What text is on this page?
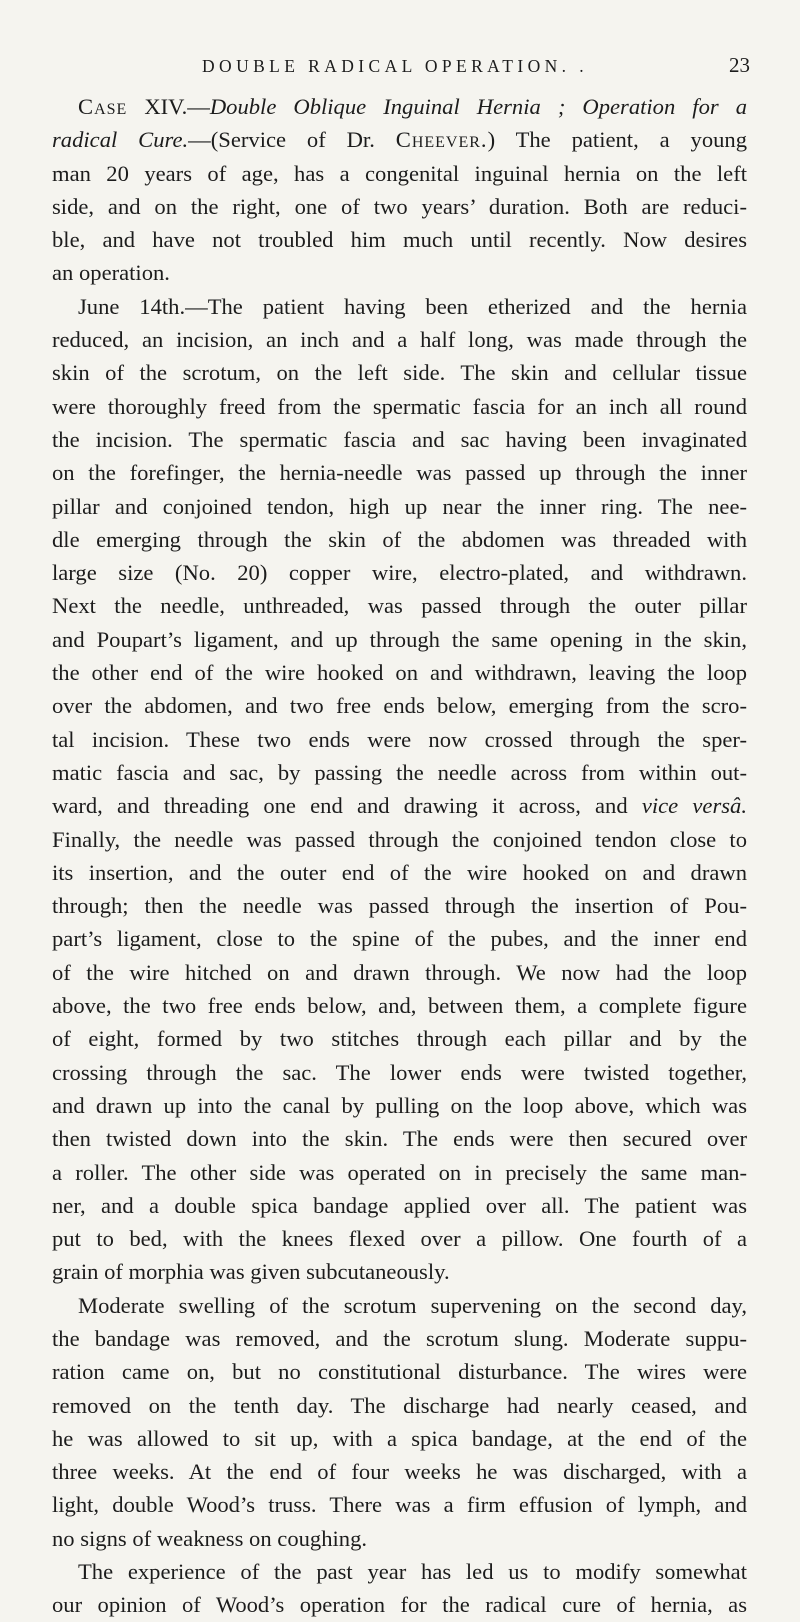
DOUBLE RADICAL OPERATION. .	23
Case XIV.—Double Oblique Inguinal Hernia ; Operation for a
radical Cure.—(Service of Dr. Cheever.) The patient, a young
man 20 years of age, has a congenital inguinal hernia on the left
side, and on the right, one of two years’ duration. Both are reduci-
ble, and have not troubled him much until recently. Now desires
an operation.
June 14th.—The patient having been etherized and the hernia
reduced, an incision, an inch and a half long, was made through the
skin of the scrotum, on the left side. The skin and cellular tissue
were thoroughly freed from the spermatic fascia for an inch all round
the incision. The spermatic fascia and sac having been invaginated
on the forefinger, the hernia-needle was passed up through the inner
pillar and conjoined tendon, high up near the inner ring. The nee-
dle emerging through the skin of the abdomen was threaded with
large size (No. 20) copper wire, electro-plated, and withdrawn.
Next the needle, unthreaded, was passed through the outer pillar
and Poupart’s ligament, and up through the same opening in the skin,
the other end of the wire hooked on and withdrawn, leaving the loop
over the abdomen, and two free ends below, emerging from the scro-
tal incision. These two ends were now crossed through the sper-
matic fascia and sac, by passing the needle across from within out-
ward, and threading one end and drawing it across, and vice versâ.
Finally, the needle was passed through the conjoined tendon close to
its insertion, and the outer end of the wire hooked on and drawn
through; then the needle was passed through the insertion of Pou-
part’s ligament, close to the spine of the pubes, and the inner end
of the wire hitched on and drawn through. We now had the loop
above, the two free ends below, and, between them, a complete figure
of eight, formed by two stitches through each pillar and by the
crossing through the sac. The lower ends were twisted together,
and drawn up into the canal by pulling on the loop above, which was
then twisted down into the skin. The ends were then secured over
a roller. The other side was operated on in precisely the same man-
ner, and a double spica bandage applied over all. The patient was
put to bed, with the knees flexed over a pillow. One fourth of a
grain of morphia was given subcutaneously.
Moderate swelling of the scrotum supervening on the second day,
the bandage was removed, and the scrotum slung. Moderate suppu-
ration came on, but no constitutional disturbance. The wires were
removed on the tenth day. The discharge had nearly ceased, and
he was allowed to sit up, with a spica bandage, at the end of the
three weeks. At the end of four weeks he was discharged, with a
light, double Wood’s truss. There was a firm effusion of lymph, and
no signs of weakness on coughing.
The experience of the past year has led us to modify somewhat
our opinion of Wood’s operation for the radical cure of hernia, as
